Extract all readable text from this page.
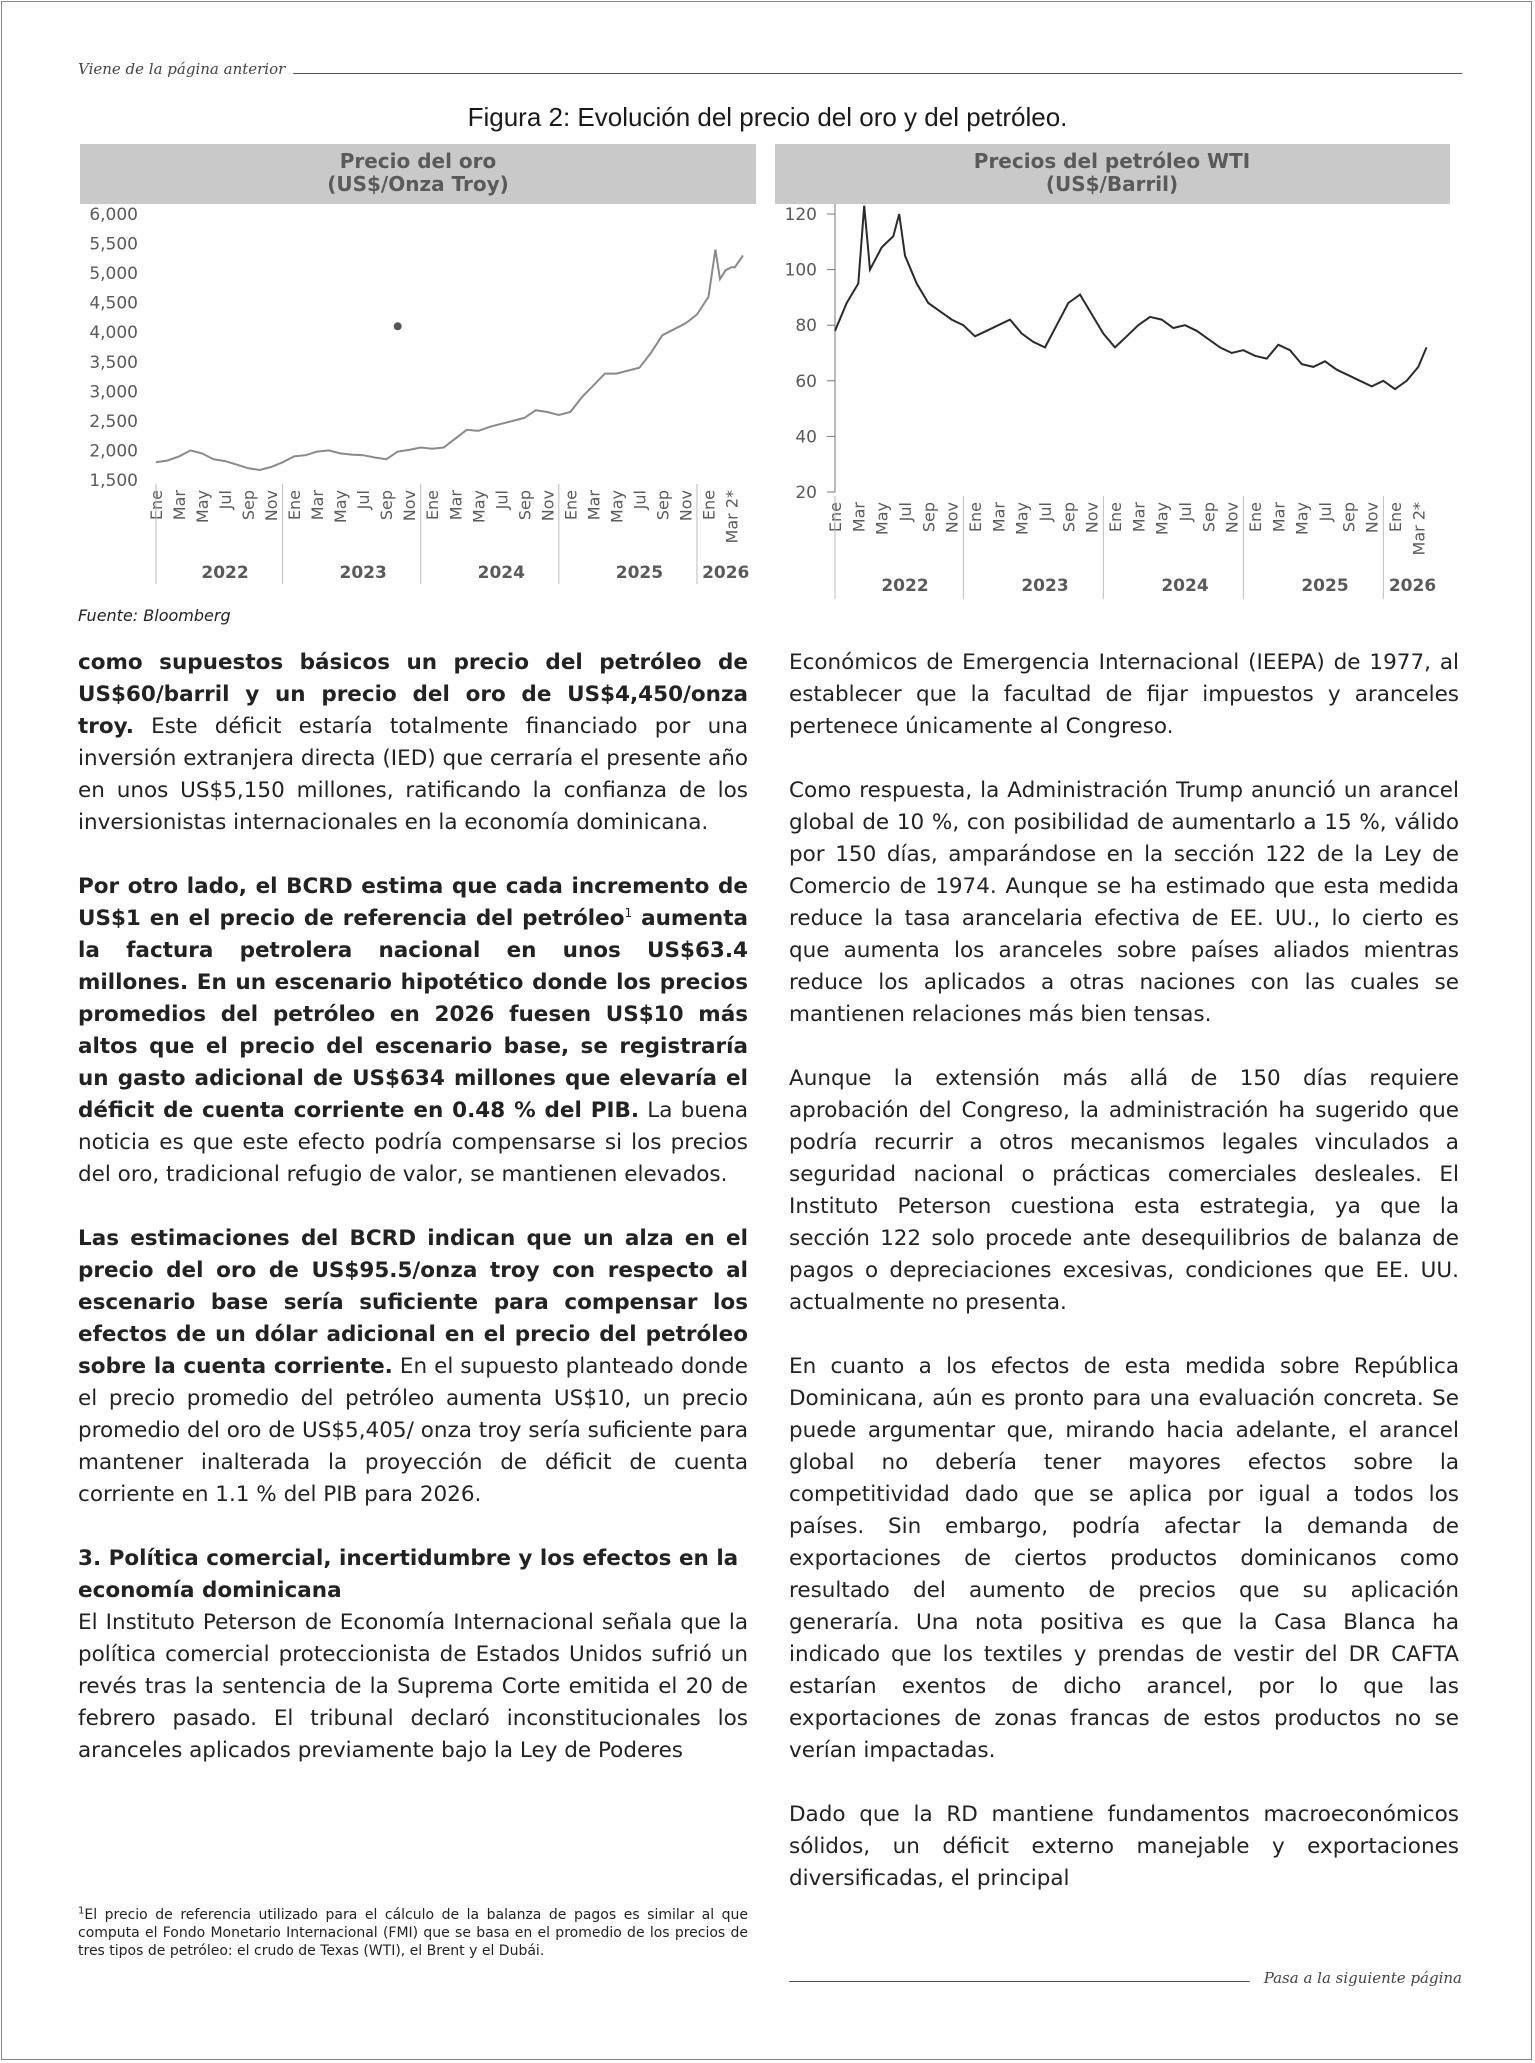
Viene de la página anterior
Figura 2: Evolución del precio del oro y del petróleo.
Precio del oro
(US$/Onza Troy)
6,000
5,500
5,000
4,500
4,000
3,500
3,000
2,500
2,000
1,500
Ene Mar May Jul Sep Nov Ene Mar May Jul Sep Nov Ene Mar May Jul Sep Nov Ene Mar May Jul Sep Nov Ene Mar 2*
2022	2023	2024	2025 2026
Precios del petróleo WTI
(US$/Barril)
120
100
80
60
40
20
Ene Mar May Jul Sep Nov Ene Mar May Jul Sep Nov Ene Mar May Jul Sep Nov Ene Mar May Jul Sep Nov Ene Mar 2*
2022	2023	2024	2025 2026
Fuente: Bloomberg

como supuestos básicos un precio del petróleo de US$60/barril y un precio del oro de US$4,450/onza troy. Este déficit estaría totalmente financiado por una inversión extranjera directa (IED) que cerraría el presente año en unos US$5,150 millones, ratificando la confianza de los inversionistas internacionales en la economía dominicana.

Por otro lado, el BCRD estima que cada incremento de US$1 en el precio de referencia del petróleo$^1$ aumenta la factura petrolera nacional en unos US$63.4 millones. En un escenario hipotético donde los precios promedios del petróleo en 2026 fuesen US$10 más altos que el precio del escenario base, se registraría un gasto adicional de US$634 millones que elevaría el déficit de cuenta corriente en 0.48 % del PIB. La buena noticia es que este efecto podría compensarse si los precios del oro, tradicional refugio de valor, se mantienen elevados.

Las estimaciones del BCRD indican que un alza en el precio del oro de US$95.5/onza troy con respecto al escenario base sería suficiente para compensar los efectos de un dólar adicional en el precio del petróleo sobre la cuenta corriente. En el supuesto planteado donde el precio promedio del petróleo aumenta US$10, un precio promedio del oro de US$5,405/ onza troy sería suficiente para mantener inalterada la proyección de déficit de cuenta corriente en 1.1 % del PIB para 2026.

3. Política comercial, incertidumbre y los efectos en la economía dominicana

El Instituto Peterson de Economía Internacional señala que la política comercial proteccionista de Estados Unidos sufrió un revés tras la sentencia de la Suprema Corte emitida el 20 de febrero pasado. El tribunal declaró inconstitucionales los aranceles aplicados previamente bajo la Ley de Poderes

Económicos de Emergencia Internacional (IEEPA) de 1977, al establecer que la facultad de fijar impuestos y aranceles pertenece únicamente al Congreso.

Como respuesta, la Administración Trump anunció un arancel global de 10 %, con posibilidad de aumentarlo a 15 %, válido por 150 días, amparándose en la sección 122 de la Ley de Comercio de 1974. Aunque se ha estimado que esta medida reduce la tasa arancelaria efectiva de EE. UU., lo cierto es que aumenta los aranceles sobre países aliados mientras reduce los aplicados a otras naciones con las cuales se mantienen relaciones más bien tensas.

Aunque la extensión más allá de 150 días requiere aprobación del Congreso, la administración ha sugerido que podría recurrir a otros mecanismos legales vinculados a seguridad nacional o prácticas comerciales desleales. El Instituto Peterson cuestiona esta estrategia, ya que la sección 122 solo procede ante desequilibrios de balanza de pagos o depreciaciones excesivas, condiciones que EE. UU. actualmente no presenta.

En cuanto a los efectos de esta medida sobre República Dominicana, aún es pronto para una evaluación concreta. Se puede argumentar que, mirando hacia adelante, el arancel global no debería tener mayores efectos sobre la competitividad dado que se aplica por igual a todos los países. Sin embargo, podría afectar la demanda de exportaciones de ciertos productos dominicanos como resultado del aumento de precios que su aplicación generaría. Una nota positiva es que la Casa Blanca ha indicado que los textiles y prendas de vestir del DR CAFTA estarían exentos de dicho arancel, por lo que las exportaciones de zonas francas de estos productos no se verían impactadas.

Dado que la RD mantiene fundamentos macroeconómicos sólidos, un déficit externo manejable y exportaciones diversificadas, el principal

$^1$El precio de referencia utilizado para el cálculo de la balanza de pagos es similar al que computa el Fondo Monetario Internacional (FMI) que se basa en el promedio de los precios de tres tipos de petróleo: el crudo de Texas (WTI), el Brent y el Dubái.
Pasa a la siguiente página
